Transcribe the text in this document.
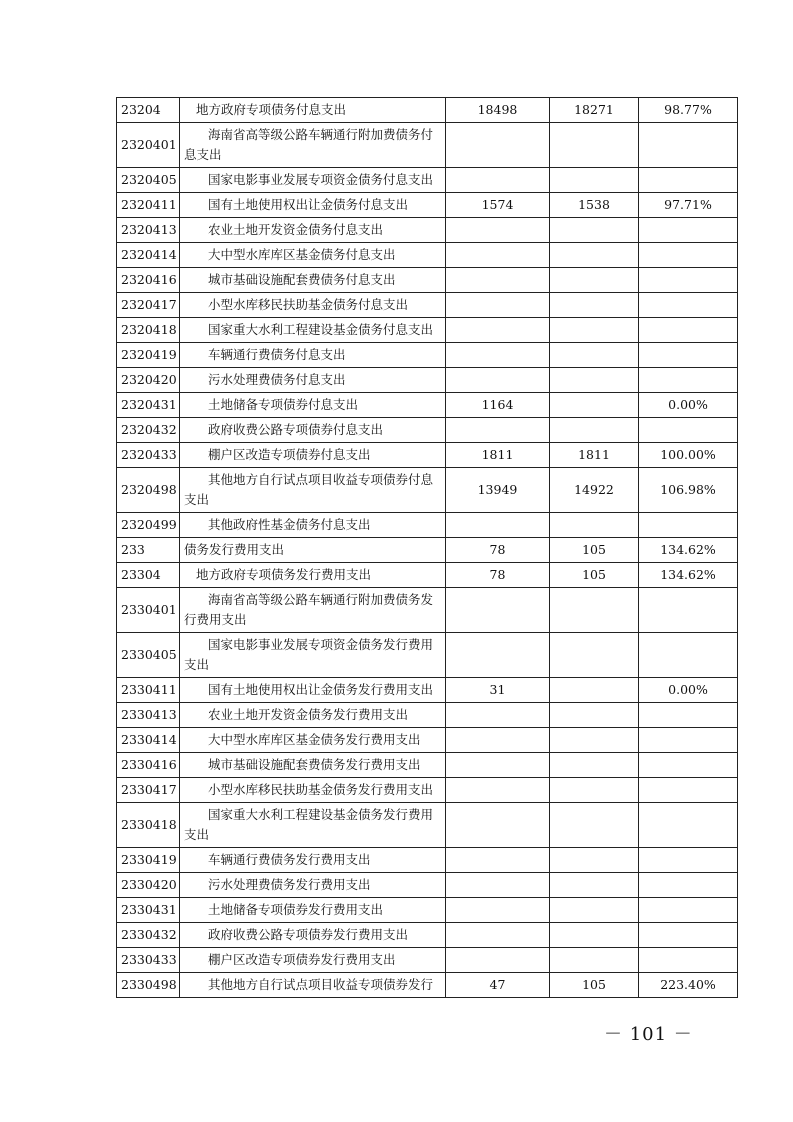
23204	地方政府专项债务付息支出	18498	18271	98.77%
2320401	海南省高等级公路车辆通行附加费债务付息支出			
2320405	国家电影事业发展专项资金债务付息支出			
2320411	国有土地使用权出让金债务付息支出	1574	1538	97.71%
2320413	农业土地开发资金债务付息支出			
2320414	大中型水库库区基金债务付息支出			
2320416	城市基础设施配套费债务付息支出			
2320417	小型水库移民扶助基金债务付息支出			
2320418	国家重大水利工程建设基金债务付息支出			
2320419	车辆通行费债务付息支出			
2320420	污水处理费债务付息支出			
2320431	土地储备专项债券付息支出	1164		0.00%
2320432	政府收费公路专项债券付息支出			
2320433	棚户区改造专项债券付息支出	1811	1811	100.00%
2320498	其他地方自行试点项目收益专项债券付息支出	13949	14922	106.98%
2320499	其他政府性基金债务付息支出			
233	债务发行费用支出	78	105	134.62%
23304	地方政府专项债务发行费用支出	78	105	134.62%
2330401	海南省高等级公路车辆通行附加费债务发行费用支出			
2330405	国家电影事业发展专项资金债务发行费用支出			
2330411	国有土地使用权出让金债务发行费用支出	31		0.00%
2330413	农业土地开发资金债务发行费用支出			
2330414	大中型水库库区基金债务发行费用支出			
2330416	城市基础设施配套费债务发行费用支出			
2330417	小型水库移民扶助基金债务发行费用支出			
2330418	国家重大水利工程建设基金债务发行费用支出			
2330419	车辆通行费债务发行费用支出			
2330420	污水处理费债务发行费用支出			
2330431	土地储备专项债券发行费用支出			
2330432	政府收费公路专项债券发行费用支出			
2330433	棚户区改造专项债券发行费用支出			
2330498	其他地方自行试点项目收益专项债券发行	47	105	223.40%
－ 101 －
